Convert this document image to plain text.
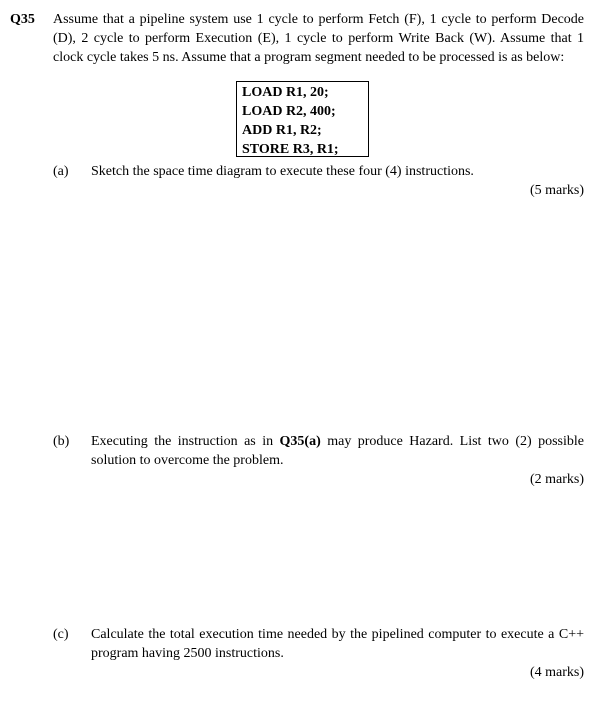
Q35 Assume that a pipeline system use 1 cycle to perform Fetch (F), 1 cycle to perform Decode (D), 2 cycle to perform Execution (E), 1 cycle to perform Write Back (W). Assume that 1 clock cycle takes 5 ns. Assume that a program segment needed to be processed is as below:
LOAD R1, 20;
LOAD R2, 400;
ADD R1, R2;
STORE R3, R1;
(a) Sketch the space time diagram to execute these four (4) instructions.
(5 marks)
(b) Executing the instruction as in Q35(a) may produce Hazard. List two (2) possible solution to overcome the problem.
(2 marks)
(c) Calculate the total execution time needed by the pipelined computer to execute a C++ program having 2500 instructions.
(4 marks)
